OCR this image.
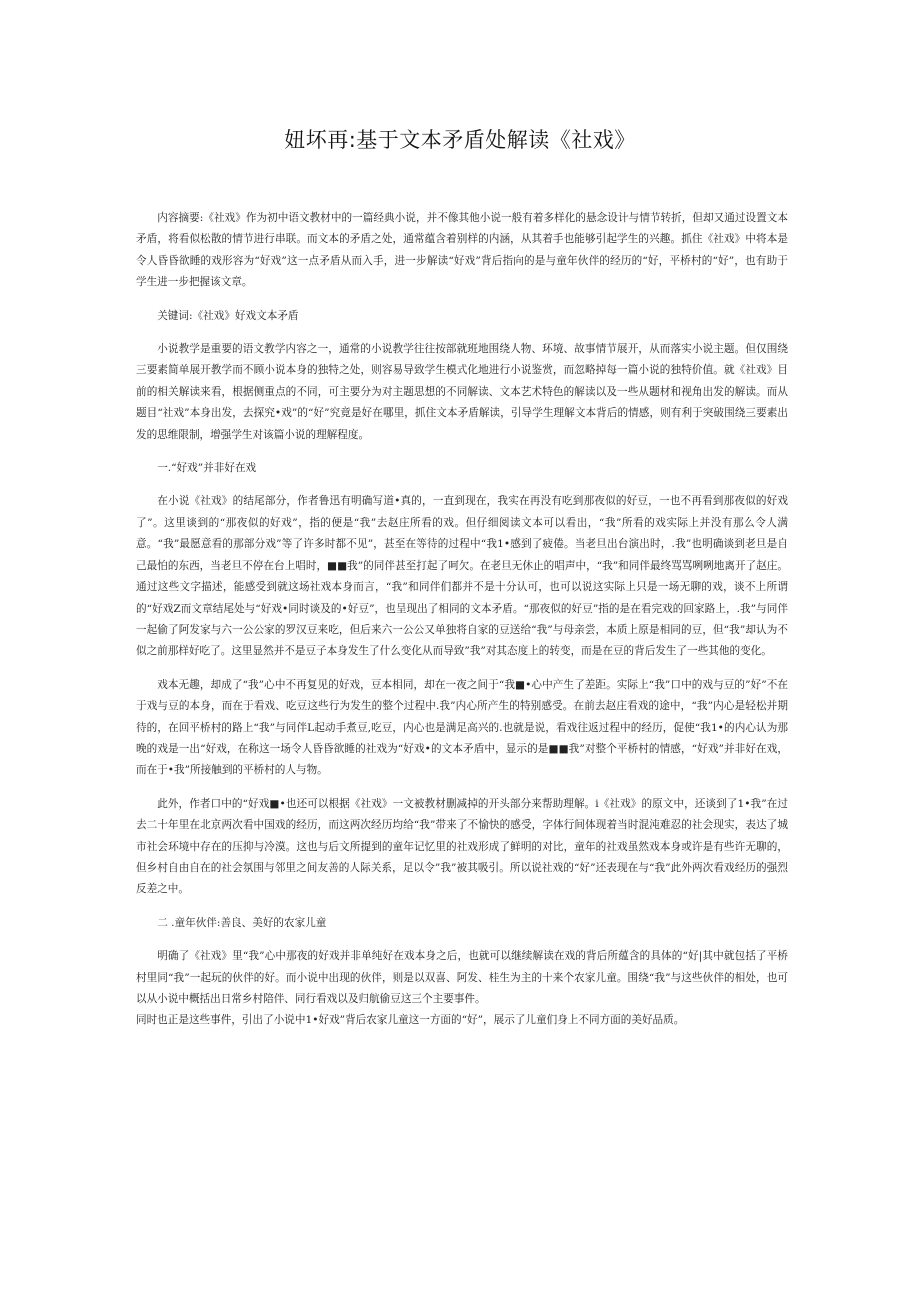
妞坏再:基于文本矛盾处解读《社戏》

内容摘要:《社戏》作为初中语文教材中的一篇经典小说，并不像其他小说一般有着多样化的悬念设计与情节转折，但却又通过设置文本矛盾，将看似松散的情节进行串联。而文本的矛盾之处，通常蕴含着别样的内涵，从其着手也能够引起学生的兴趣。抓住《社戏》中将本是令人昏昏欲睡的戏形容为“好戏”这一点矛盾从而入手，进一步解读“好戏”背后指向的是与童年伙伴的经历的“好，平桥村的“好”，也有助于学生进一步把握该文章。

关键词:《社戏》好戏文本矛盾

小说教学是重要的语文教学内容之一，通常的小说教学往往按部就班地围绕人物、环境、故事情节展开，从而落实小说主题。但仅围绕三要素简单展开教学而不顾小说本身的独特之处，则容易导致学生模式化地进行小说鉴赏，而忽略掉每一篇小说的独特价值。就《社戏》目前的相关解读来看，根据侧重点的不同，可主要分为对主题思想的不同解读、文本艺术特色的解读以及一些从题材和视角出发的解读。而从题目“社戏”本身出发，去探究•戏”的“好”究竟是好在哪里，抓住文本矛盾解读，引导学生理解文本背后的情感，则有利于突破围绕三要素出发的思维限制，增强学生对该篇小说的理解程度。

一.“好戏”并非好在戏

在小说《社戏》的结尾部分，作者鲁迅有明确写道•真的，一直到现在，我实在再没有吃到那夜似的好豆，一也不再看到那夜似的好戏了”。这里谈到的“那夜似的好戏”，指的便是“我”去赵庄所看的戏。但仔细阅读文本可以看出，“我”所看的戏实际上并没有那么令人满意。“我”最愿意看的那部分戏”等了许多时都不见”，甚至在等待的过程中“我1•感到了疲倦。当老旦出台演出时，.我”也明确谈到老旦是自己最怕的东西，当老旦不停在台上唱时，■■我”的同伴甚至打起了呵欠。在老旦无休止的唱声中，“我”和同伴最终骂骂咧咧地离开了赵庄。通过这些文字描述，能感受到就这场社戏本身而言，“我”和同伴们都并不是十分认可，也可以说这实际上只是一场无聊的戏，谈不上所谓的“好戏Z而文章结尾处与“好戏•同时谈及的•好豆”，也呈现出了相同的文本矛盾。“那夜似的好豆”指的是在看完戏的回家路上，.我”与同伴一起偷了阿发家与六一公公家的罗汉豆来吃，但后来六一公公又单独将自家的豆送给“我”与母亲尝，本质上原是相同的豆，但“我”却认为不似之前那样好吃了。这里显然并不是豆子本身发生了什么变化从而导致”我”对其态度上的转变，而是在豆的背后发生了一些其他的变化。

戏本无趣，却成了“我”心中不再复见的好戏，豆本相同，却在一夜之间于“我■•心中产生了差距。实际上“我”口中的戏与豆的”好”不在于戏与豆的本身，而在于看戏、吃豆这些行为发生的整个过程中.我”内心所产生的特别感受。在前去赵庄看戏的途中，“我”内心是轻松并期待的，在回平桥村的路上“我”与同伴L起动手煮豆,吃豆，内心也是满足高兴的.也就是说，看戏往返过程中的经历，促使“我1•的内心认为那晚的戏是一出“好戏，在称这一场令人昏昏欲睡的社戏为“好戏•的文本矛盾中，显示的是■■我”对整个平桥村的情感，“好戏”并非好在戏，而在于•我”所接触到的平桥村的人与物。

此外，作者口中的“好戏■•也还可以根据《社戏》一文被教材删减掉的开头部分来帮助理解。i《社戏》的原文中，还谈到了1•我”在过去二十年里在北京两次看中国戏的经历，而这两次经历均给“我”带来了不愉快的感受，字体行间体现着当时混沌难忍的社会现实，表达了城市社会环境中存在的压抑与冷漠。这也与后文所提到的童年记忆里的社戏形成了鲜明的对比，童年的社戏虽然戏本身或许是有些许无聊的，但乡村自由自在的社会氛围与邻里之间友善的人际关系，足以令”我”被其吸引。所以说社戏的“好”还表现在与“我”此外两次看戏经历的强烈反差之中。

二 .童年伙伴:善良、美好的农家儿童

明确了《社戏》里“我”心中那夜的好戏并非单纯好在戏本身之后，也就可以继续解读在戏的背后所蕴含的具体的“好|其中就包括了平桥村里同“我”一起玩的伙伴的好。而小说中出现的伙伴，则是以双喜、阿发、桂生为主的十来个农家儿童。围绕“我”与这些伙伴的相处，也可以从小说中概括出日常乡村陪伴、同行看戏以及归航偷豆这三个主要事件。

同时也正是这些事件，引出了小说中1•好戏”背后农家儿童这一方面的“好”，展示了儿童们身上不同方面的美好品质。
